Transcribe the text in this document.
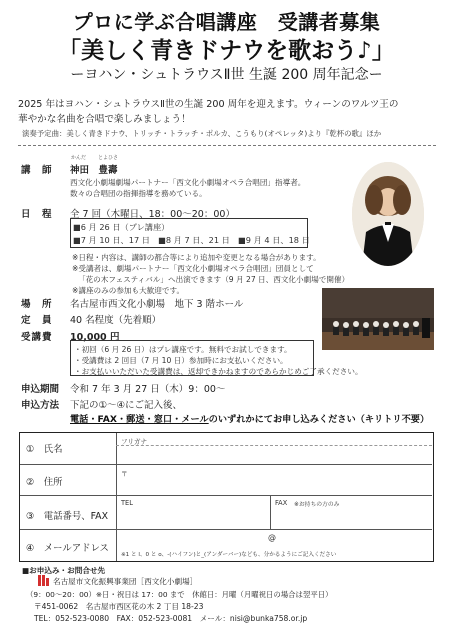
プロに学ぶ合唱講座　受講者募集
「美しく青きドナウを歌おう♪」
ーヨハン・シュトラウスⅡ世 生誕 200 周年記念ー
2025 年はヨハン・シュトラウスⅡ世の生誕 200 周年を迎えます。ウィーンのワルツ王の
華やかな名曲を合唱で楽しみましょう！
演奏予定曲：美しく青きドナウ、トリッチ・トラッチ・ポルカ、こうもり(オペレッタ)より『乾杯の歌』ほか
講　師
かんだ とよひさ
神田　豊壽
西文化小劇場劇場パートナー「西文化小劇場オペラ合唱団」指導者。
数々の合唱団の指揮指導を務めている。
日　程 全 7 回（木曜日、18：00～20：00）
■6 月 26 日（プレ講座）
■7 月 10 日、17 日　■8 月 7 日、21 日　■9 月 4 日、18 日
※日程・内容は、講師の都合等により追加や変更となる場合があります。
※受講者は、劇場パートナー「西文化小劇場オペラ合唱団」団員として
「花の木フェスティバル」へ出演できます（9 月 27 日、西文化小劇場で開催）
※講座のみの参加も大歓迎です。
場　所 名古屋市西文化小劇場　地下 3 階ホール
定　員 40 名程度（先着順）
受講費 10,000 円
・初回（6 月 26 日）はプレ講座です。無料でお試しできます。
・受講費は 2 回目（7 月 10 日）参加時にお支払いください。
・お支払いいただいた受講費は、返却できかねますのであらかじめご了承ください。
申込期間 令和 7 年 3 月 27 日（木）9：00～
申込方法 下記の①～④にご記入後、
電話・FAX・郵送・窓口・メールのいずれかにてお申し込みください（キリトリ不要）
①　氏名
フリガナ
②　住所
〒
③　電話番号、FAX
TEL	FAX ※お持ちの方のみ
④　メールアドレス
@
※1 と l、0 と o、-(ハイフン)と_(アンダーバー)なども、分かるようにご記入ください
■お申込み・お問合せ先
名古屋市文化振興事業団［西文化小劇場］
（9：00～20：00）※日・祝日は 17：00 まで　休館日：月曜（月曜祝日の場合は翌平日）
〒451-0062　名古屋市西区花の木 2 丁目 18-23
TEL：052-523-0080　FAX：052-523-0081　メール：nisi@bunka758.or.jp
